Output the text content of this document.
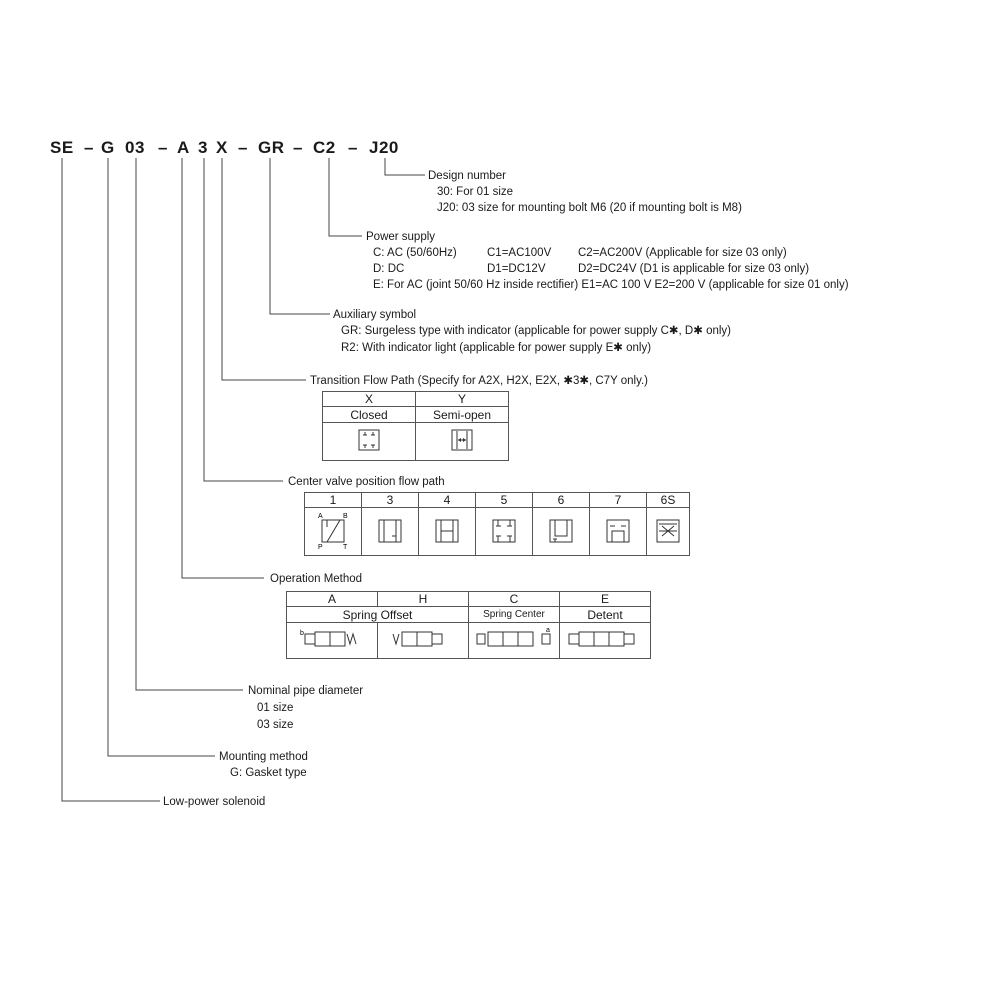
SE – G 03 – A 3 X – GR – C2 – J20
Design number
30: For 01 size
J20: 03 size for mounting bolt M6 (20 if mounting bolt is M8)
Power supply
C: AC (50/60Hz)	C1=AC100V C2=AC200V (Applicable for size 03 only)
D: DC	D1=DC12V	D2=DC24V (D1 is applicable for size 03 only)
E: For AC (joint 50/60 Hz inside rectifier) E1=AC 100 V E2=200 V (applicable for size 01 only)
Auxiliary symbol
GR: Surgeless type with indicator (applicable for power supply C✱, D✱ only)
R2: With indicator light (applicable for power supply E✱ only)
Transition Flow Path (Specify for A2X, H2X, E2X, ✱3✱, C7Y only.)
X	Y
Closed	Semi-open

Center valve position flow path
1	3	4	5	6	7	6S

A B
P T

Operation Method
A	H	C	E
Spring Offset		Spring Center	Detent

b		a

Nominal pipe diameter
01 size
03 size
Mounting method
G: Gasket type
Low-power solenoid
